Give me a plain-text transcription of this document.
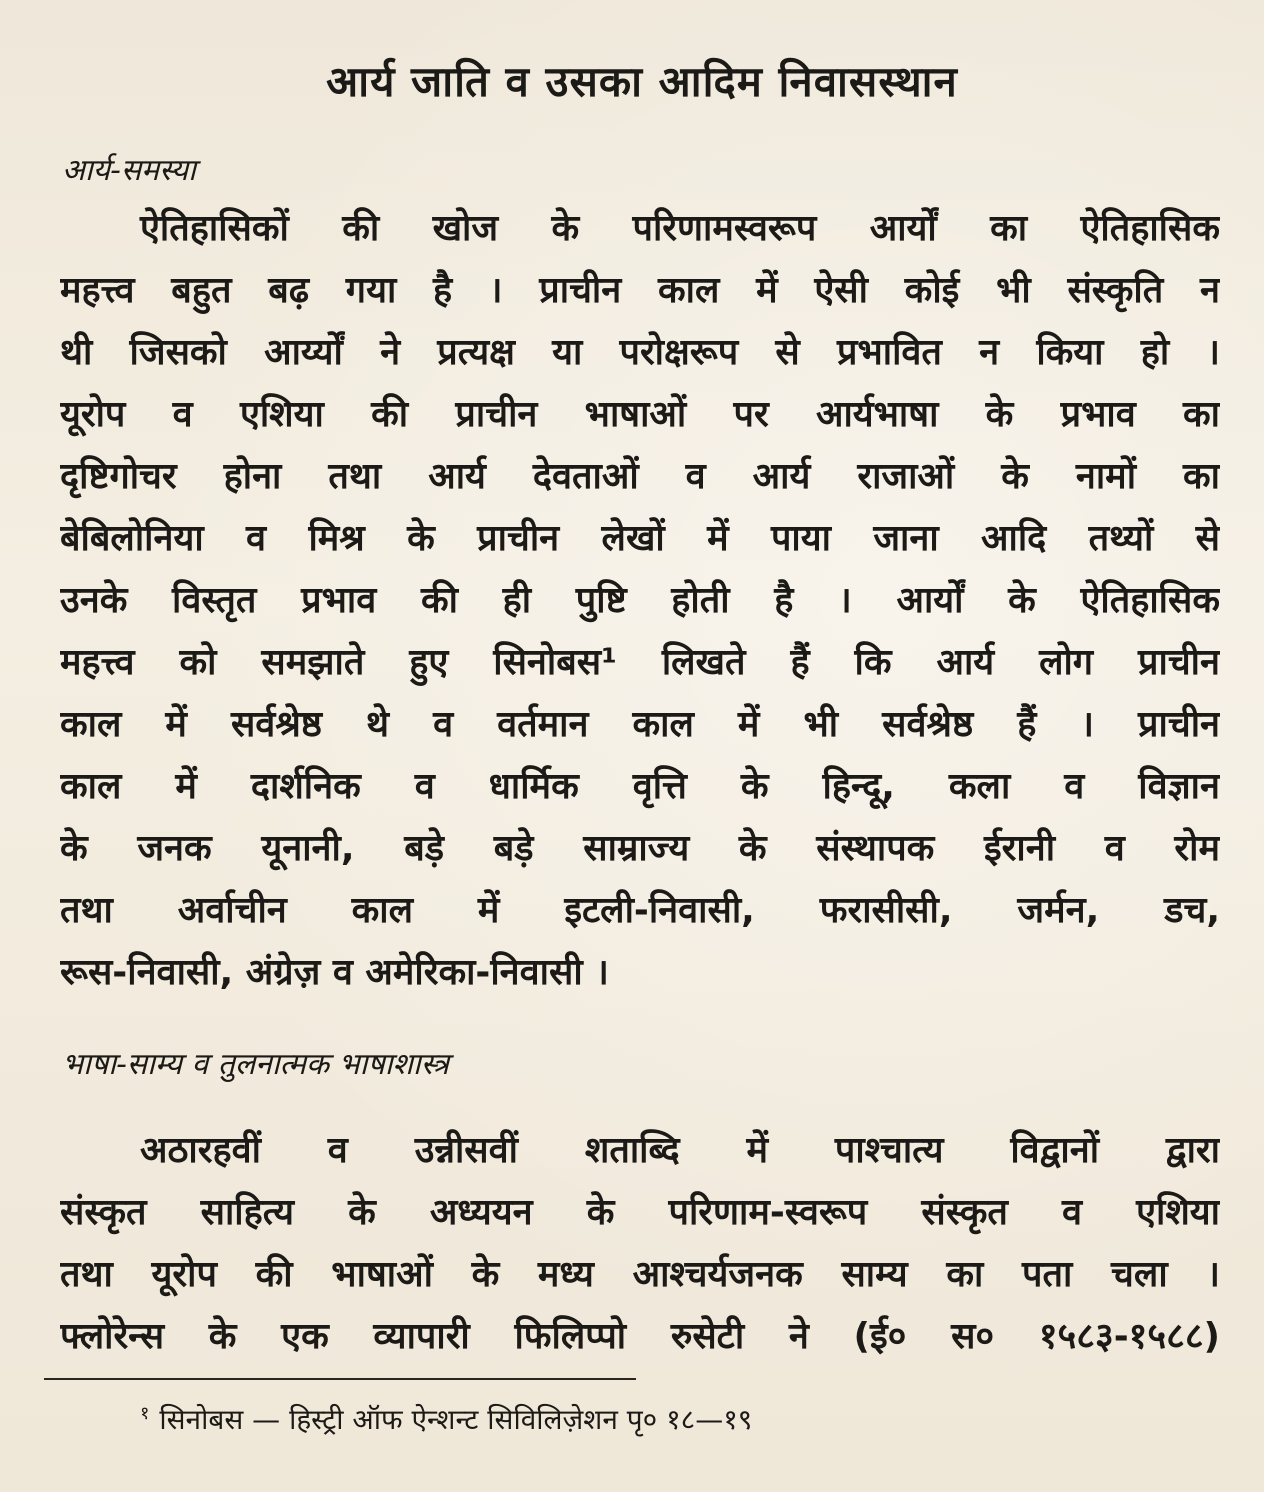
आर्य जाति व उसका आदिम निवासस्थान
आर्य-समस्या
ऐतिहासिकों की खोज के परिणामस्वरूप आर्यों का ऐतिहासिक
महत्त्व बहुत बढ़ गया है । प्राचीन काल में ऐसी कोई भी संस्कृति न
थी जिसको आर्य्यों ने प्रत्यक्ष या परोक्षरूप से प्रभावित न किया हो ।
यूरोप व एशिया की प्राचीन भाषाओं पर आर्यभाषा के प्रभाव का
दृष्टिगोचर होना तथा आर्य देवताओं व आर्य राजाओं के नामों का
बेबिलोनिया व मिश्र के प्राचीन लेखों में पाया जाना आदि तथ्यों से
उनके विस्तृत प्रभाव की ही पुष्टि होती है । आर्यों के ऐतिहासिक
महत्त्व को समझाते हुए सिनोबस¹ लिखते हैं कि आर्य लोग प्राचीन
काल में सर्वश्रेष्ठ थे व वर्तमान काल में भी सर्वश्रेष्ठ हैं । प्राचीन
काल में दार्शनिक व धार्मिक वृत्ति के हिन्दू, कला व विज्ञान
के जनक यूनानी, बड़े बड़े साम्राज्य के संस्थापक ईरानी व रोम
तथा अर्वाचीन काल में इटली-निवासी, फरासीसी, जर्मन, डच,
रूस-निवासी, अंग्रेज़ व अमेरिका-निवासी ।
भाषा-साम्य व तुलनात्मक भाषाशास्त्र
अठारहवीं व उन्नीसवीं शताब्दि में पाश्चात्य विद्वानों द्वारा
संस्कृत साहित्य के अध्ययन के परिणाम-स्वरूप संस्कृत व एशिया
तथा यूरोप की भाषाओं के मध्य आश्चर्यजनक साम्य का पता चला ।
फ्लोरेन्स के एक व्यापारी फिलिप्पो रुसेटी ने (ई० स० १५८३-१५८८)
$^१$ सिनोबस — हिस्ट्री ऑफ ऐन्शन्ट सिविलिज़ेशन पृ० १८—१९
